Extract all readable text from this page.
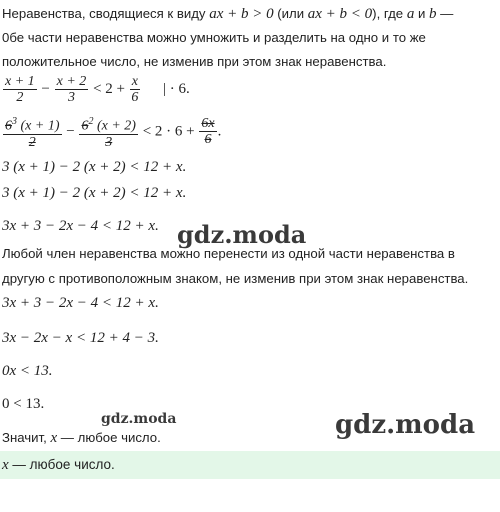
Неравенства, сводящиеся к виду ax + b > 0 (или ax + b < 0), где a и b —
0бе части неравенства можно умножить и разделить на одно и то же
положительное число, не изменив при этом знак неравенства.
$\frac{x + 1}{2} - \frac{x + 2}{3} < 2 + \frac{x}{6}$ | · 6.
$\frac{6^3 (x + 1)}{2} - \frac{6^2 (x + 2)}{3} < 2 \cdot 6 + \frac{6x}{6}$ .
3 (x + 1) − 2 (x + 2) < 12 + x.
3 (x + 1) − 2 (x + 2) < 12 + x.
3x + 3 − 2x − 4 < 12 + x.
Любой член неравенства можно перенести из одной части неравенства в
другую с противоположным знаком, не изменив при этом знак неравенства.
3x + 3 − 2x − 4 < 12 + x.
3x − 2x − x < 12 + 4 − 3.
0x < 13.
0 < 13.
Значит, x — любое число.
x — любое число.
gdz.moda
gdz.moda	gdz.moda
